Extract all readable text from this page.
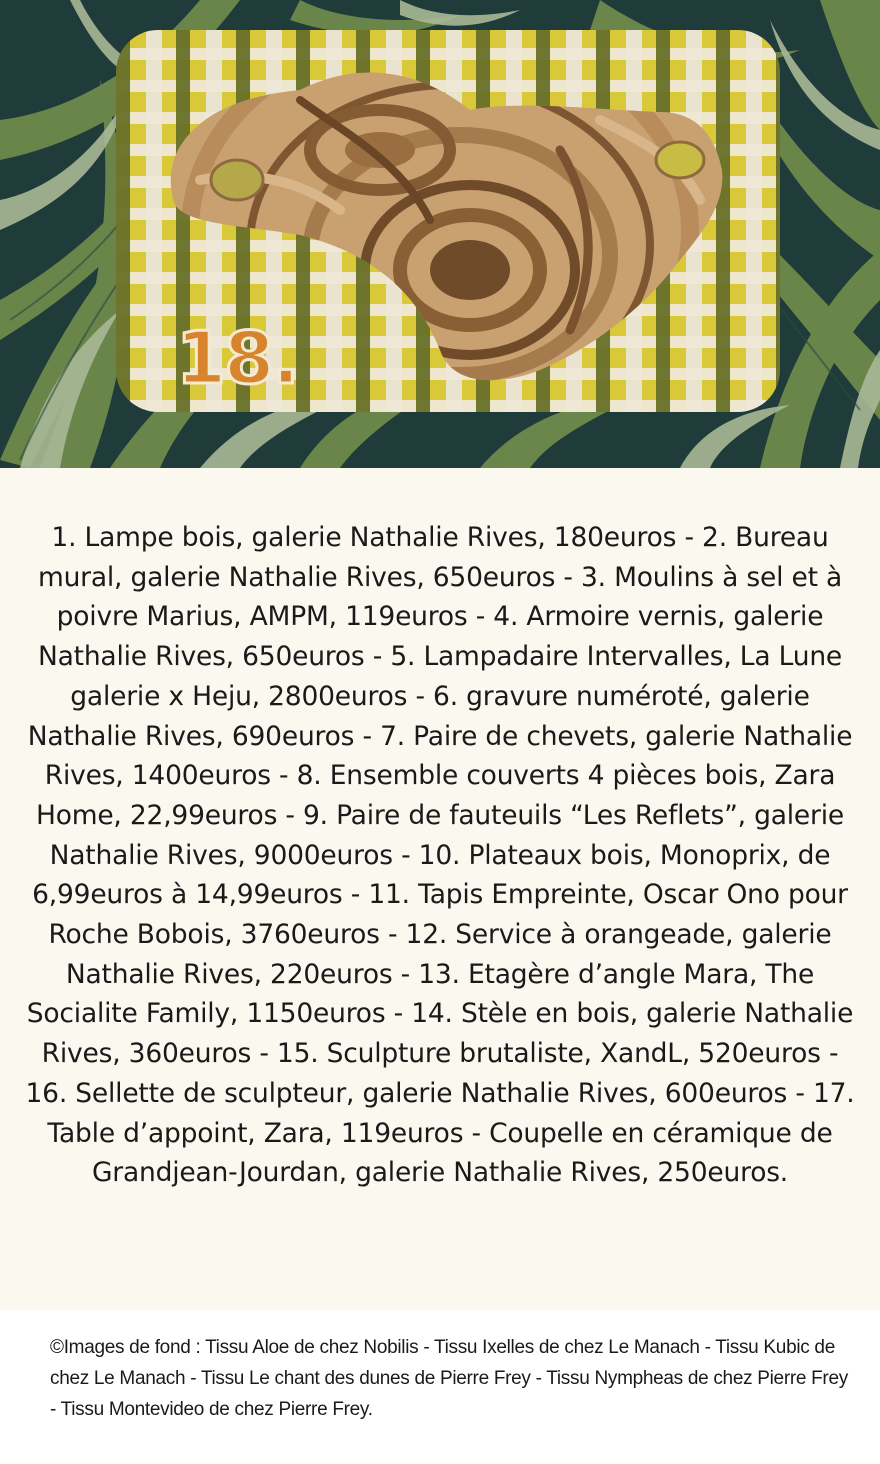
18.

1. Lampe bois, galerie Nathalie Rives, 180euros - 2. Bureau mural, galerie Nathalie Rives, 650euros - 3. Moulins à sel et à poivre Marius, AMPM, 119euros - 4. Armoire vernis, galerie Nathalie Rives, 650euros - 5. Lampadaire Intervalles, La Lune galerie x Heju, 2800euros - 6. gravure numéroté, galerie Nathalie Rives, 690euros - 7. Paire de chevets, galerie Nathalie Rives, 1400euros - 8. Ensemble couverts 4 pièces bois, Zara Home, 22,99euros - 9. Paire de fauteuils “Les Reflets”, galerie Nathalie Rives, 9000euros - 10. Plateaux bois, Monoprix, de 6,99euros à 14,99euros - 11. Tapis Empreinte, Oscar Ono pour Roche Bobois, 3760euros - 12. Service à orangeade, galerie Nathalie Rives, 220euros - 13. Etagère d’angle Mara, The Socialite Family, 1150euros - 14. Stèle en bois, galerie Nathalie Rives, 360euros - 15. Sculpture brutaliste, XandL, 520euros - 16. Sellette de sculpteur, galerie Nathalie Rives, 600euros - 17. Table d’appoint, Zara, 119euros - Coupelle en céramique de Grandjean-Jourdan, galerie Nathalie Rives, 250euros.

©Images de fond : Tissu Aloe de chez Nobilis - Tissu Ixelles de chez Le Manach - Tissu Kubic de chez Le Manach - Tissu Le chant des dunes de Pierre Frey - Tissu Nympheas de chez Pierre Frey - Tissu Montevideo de chez Pierre Frey.
